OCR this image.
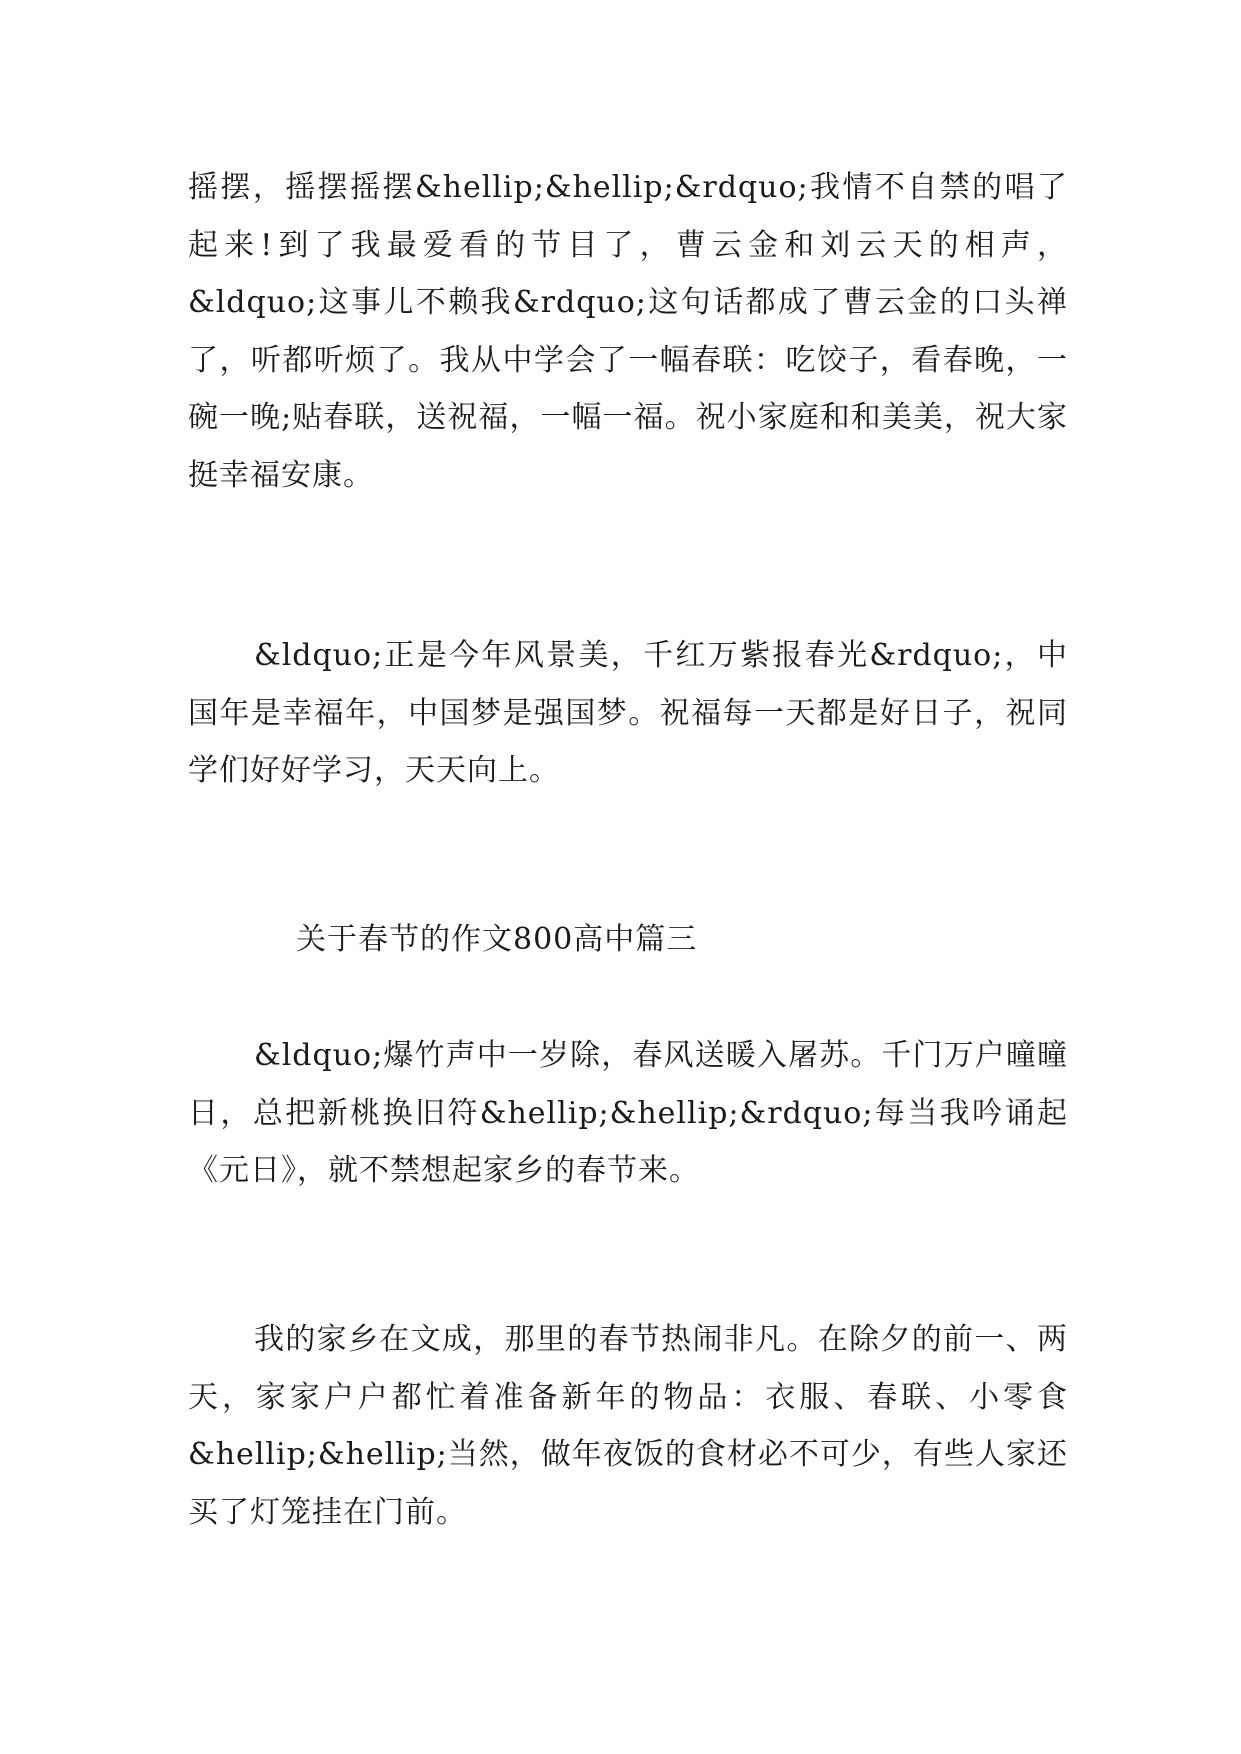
摇摆，摇摆摇摆&hellip;&hellip;&rdquo;我情不自禁的唱了起来!到了我最爱看的节目了，曹云金和刘云天的相声，&ldquo;这事儿不赖我&rdquo;这句话都成了曹云金的口头禅了，听都听烦了。我从中学会了一幅春联：吃饺子，看春晚，一碗一晚;贴春联，送祝福，一幅一福。祝小家庭和和美美，祝大家挺幸福安康。

&ldquo;正是今年风景美，千红万紫报春光&rdquo;，中国年是幸福年，中国梦是强国梦。祝福每一天都是好日子，祝同学们好好学习，天天向上。

关于春节的作文800高中篇三

&ldquo;爆竹声中一岁除，春风送暖入屠苏。千门万户曈曈日，总把新桃换旧符&hellip;&hellip;&rdquo;每当我吟诵起《元日》，就不禁想起家乡的春节来。

我的家乡在文成，那里的春节热闹非凡。在除夕的前一、两天，家家户户都忙着准备新年的物品：衣服、春联、小零食&hellip;&hellip;当然，做年夜饭的食材必不可少，有些人家还买了灯笼挂在门前。
